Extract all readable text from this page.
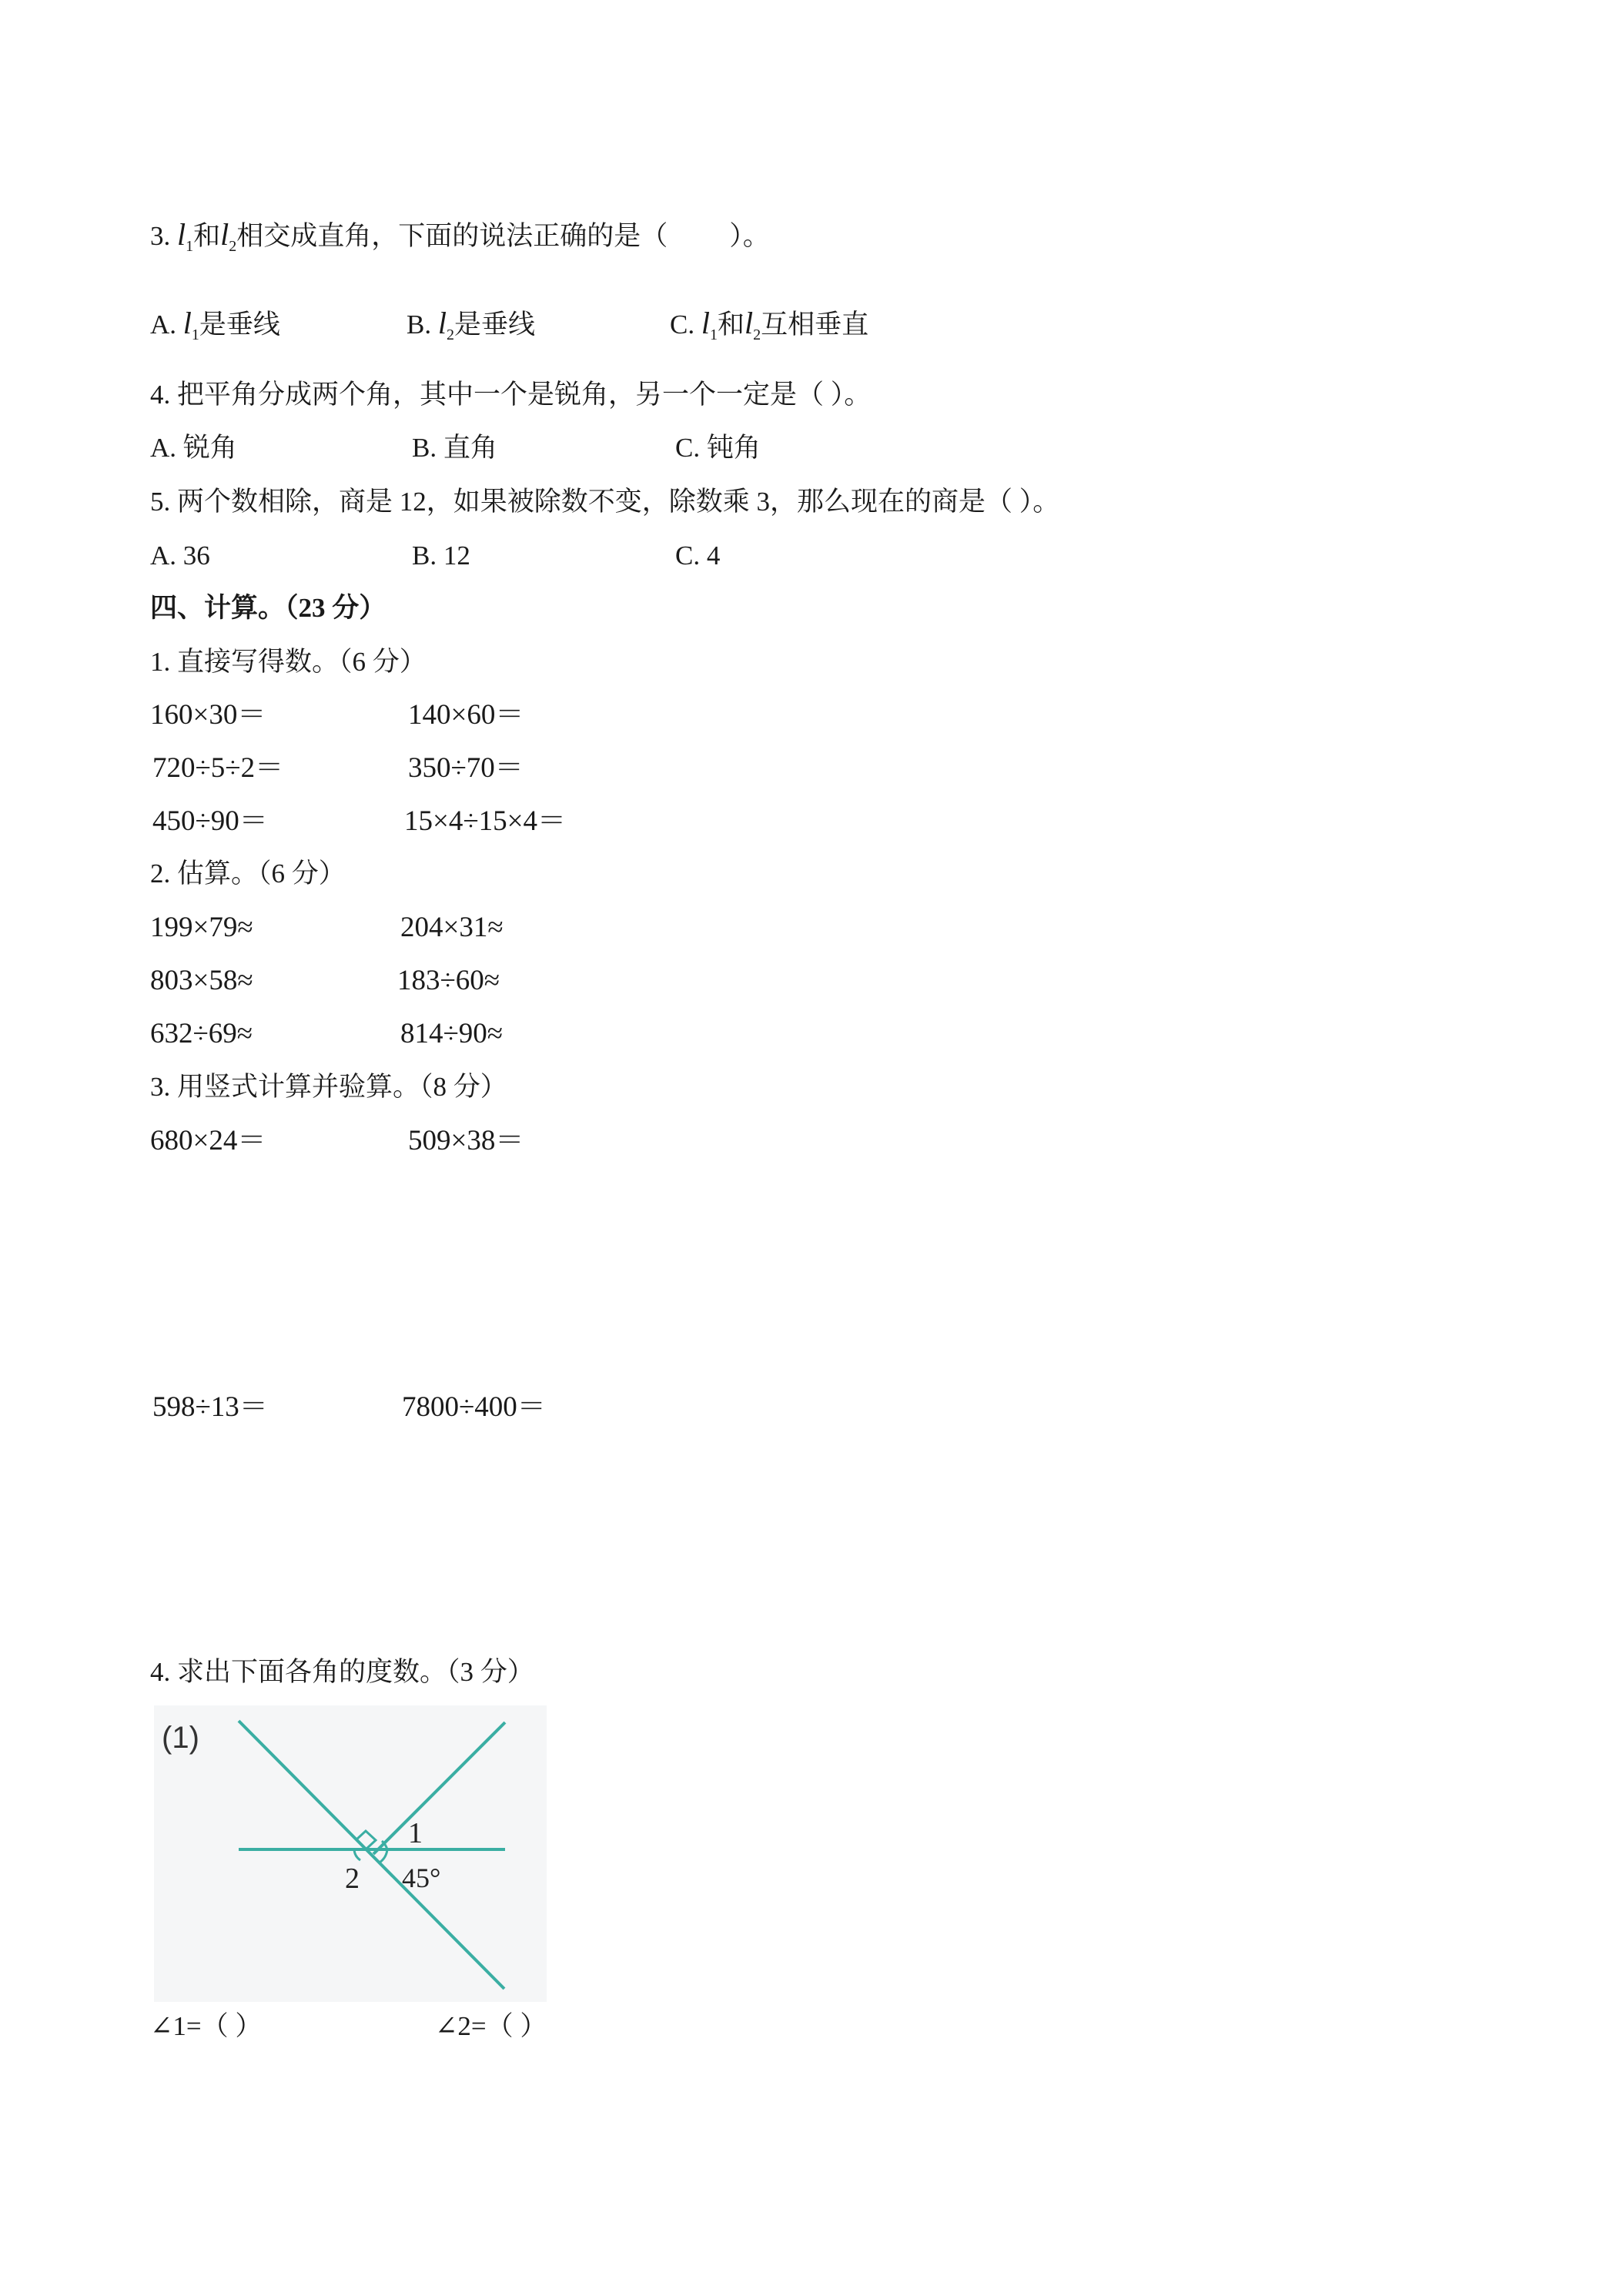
3. $l_1$和$l_2$相交成直角，下面的说法正确的是（ ）。
A. $l_1$是垂线	B. $l_2$是垂线	C. $l_1$和$l_2$互相垂直
4. 把平角分成两个角，其中一个是锐角，另一个一定是（ ）。
A. 锐角	B. 直角	C. 钝角
5. 两个数相除，商是 12，如果被除数不变，除数乘 3，那么现在的商是（ ）。
A. 36	B. 12	C. 4
四、计算。（23 分）
1. 直接写得数。（6 分）
160×30＝	140×60＝
720÷5÷2＝	350÷70＝
450÷90＝	15×4÷15×4＝
2. 估算。（6 分）
199×79≈	204×31≈
803×58≈	183÷60≈
632÷69≈	814÷90≈
3. 用竖式计算并验算。（8 分）
680×24＝	509×38＝
598÷13＝	7800÷400＝
4. 求出下面各角的度数。（3 分）
(1)
1
2 45°
∠1=（ ）	∠2=（ ）
